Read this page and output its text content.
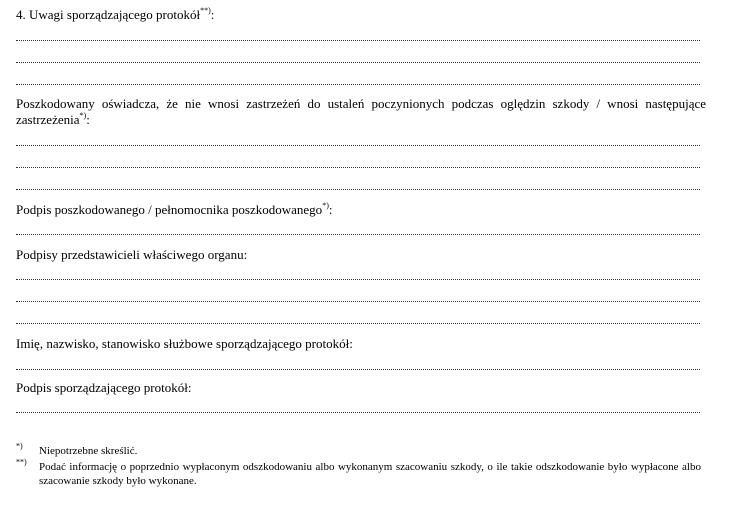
4. Uwagi sporządzającego protokół**):
Poszkodowany oświadcza, że nie wnosi zastrzeżeń do ustaleń poczynionych podczas oględzin szkody / wnosi następujące zastrzeżenia*):
Podpis poszkodowanego / pełnomocnika poszkodowanego*):
Podpisy przedstawicieli właściwego organu:
Imię, nazwisko, stanowisko służbowe sporządzającego protokół:
Podpis sporządzającego protokół:
*)	Niepotrzebne skreślić.
**)	Podać informację o poprzednio wypłaconym odszkodowaniu albo wykonanym szacowaniu szkody, o ile takie odszkodowanie było wypłacone albo szacowanie szkody było wykonane.
